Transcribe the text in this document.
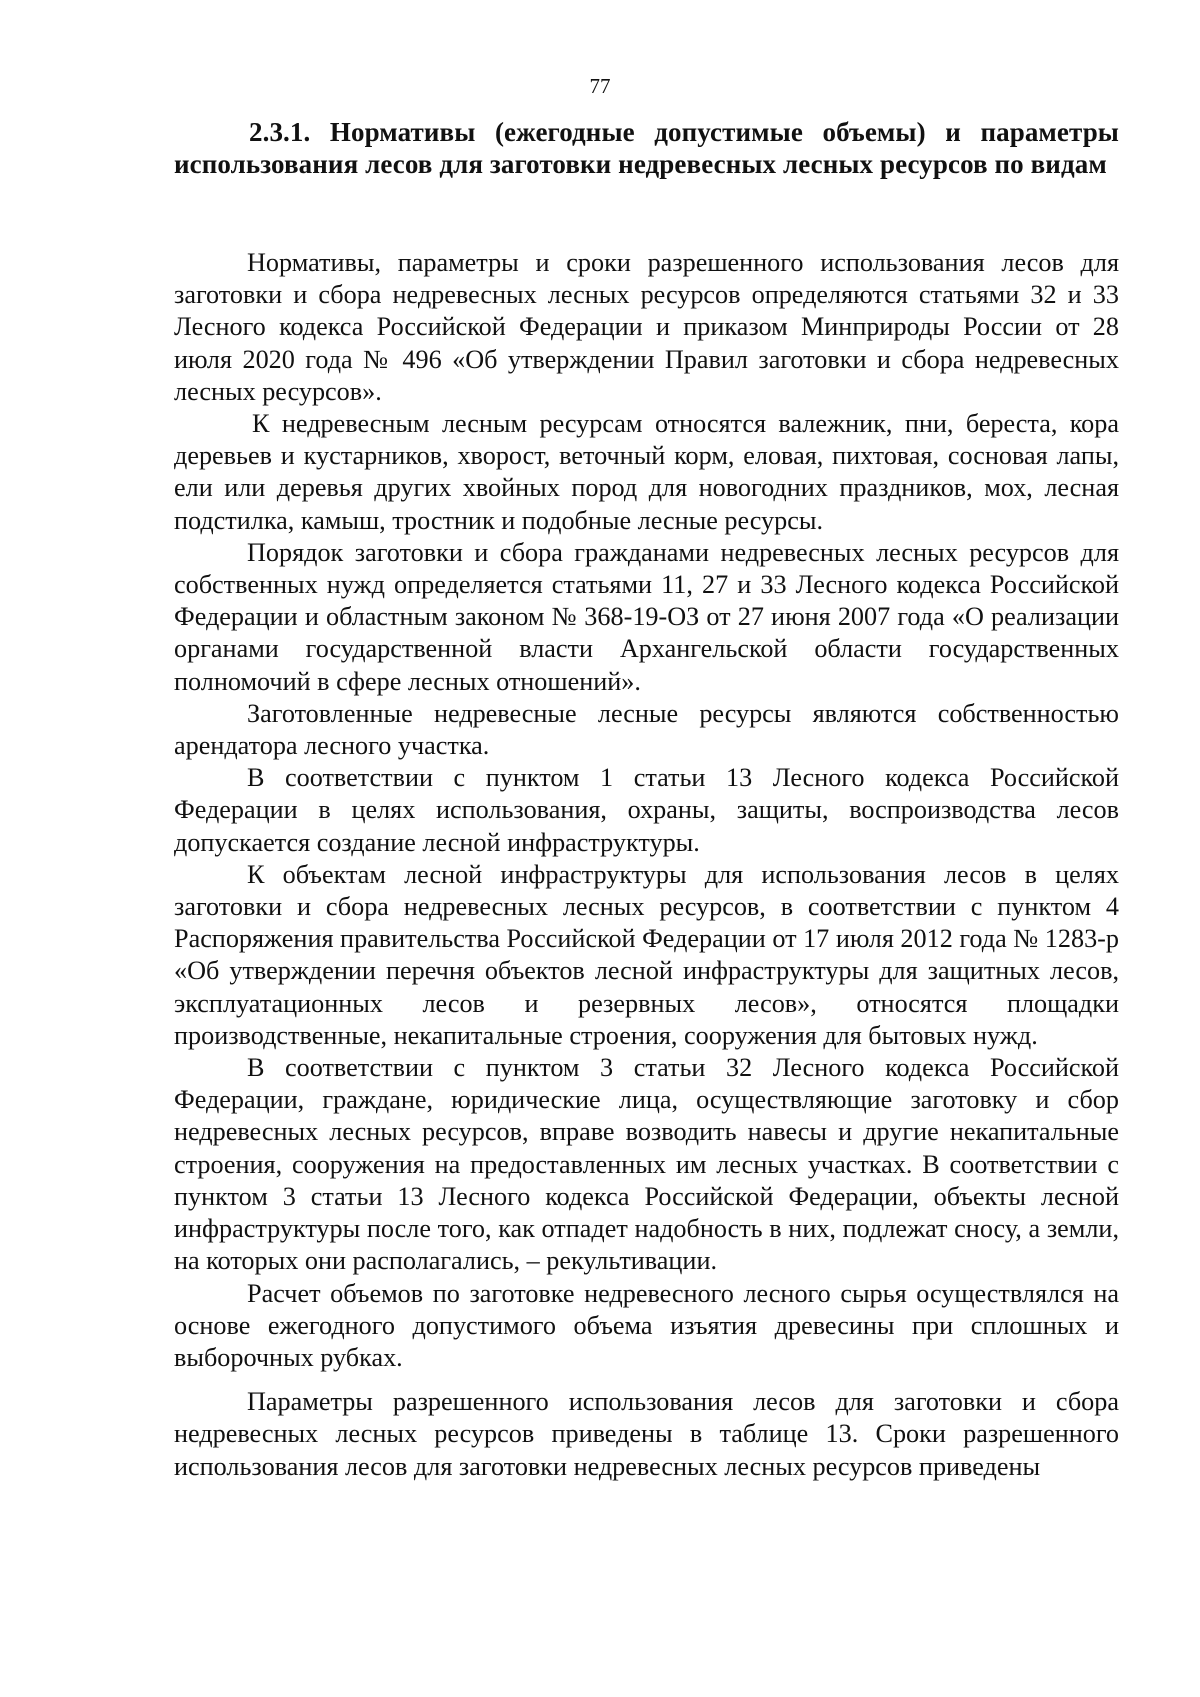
77
2.3.1. Нормативы (ежегодные допустимые объемы) и параметры использования лесов для заготовки недревесных лесных ресурсов по видам

Нормативы, параметры и сроки разрешенного использования лесов для заготовки и сбора недревесных лесных ресурсов определяются статьями 32 и 33 Лесного кодекса Российской Федерации и приказом Минприроды России от 28 июля 2020 года № 496 «Об утверждении Правил заготовки и сбора недревесных лесных ресурсов».

К недревесным лесным ресурсам относятся валежник, пни, береста, кора деревьев и кустарников, хворост, веточный корм, еловая, пихтовая, сосновая лапы, ели или деревья других хвойных пород для новогодних праздников, мох, лесная подстилка, камыш, тростник и подобные лесные ресурсы.

Порядок заготовки и сбора гражданами недревесных лесных ресурсов для собственных нужд определяется статьями 11, 27 и 33 Лесного кодекса Российской Федерации и областным законом № 368-19-ОЗ от 27 июня 2007 года «О реализации органами государственной власти Архангельской области государственных полномочий в сфере лесных отношений».

Заготовленные недревесные лесные ресурсы являются собственностью арендатора лесного участка.

В соответствии с пунктом 1 статьи 13 Лесного кодекса Российской Федерации в целях использования, охраны, защиты, воспроизводства лесов допускается создание лесной инфраструктуры.

К объектам лесной инфраструктуры для использования лесов в целях заготовки и сбора недревесных лесных ресурсов, в соответствии с пунктом 4 Распоряжения правительства Российской Федерации от 17 июля 2012 года № 1283-р «Об утверждении перечня объектов лесной инфраструктуры для защитных лесов, эксплуатационных лесов и резервных лесов», относятся площадки производственные, некапитальные строения, сооружения для бытовых нужд.

В соответствии с пунктом 3 статьи 32 Лесного кодекса Российской Федерации, граждане, юридические лица, осуществляющие заготовку и сбор недревесных лесных ресурсов, вправе возводить навесы и другие некапитальные строения, сооружения на предоставленных им лесных участках. В соответствии с пунктом 3 статьи 13 Лесного кодекса Российской Федерации, объекты лесной инфраструктуры после того, как отпадет надобность в них, подлежат сносу, а земли, на которых они располагались, – рекультивации.

Расчет объемов по заготовке недревесного лесного сырья осуществлялся на основе ежегодного допустимого объема изъятия древесины при сплошных и выборочных рубках.

Параметры разрешенного использования лесов для заготовки и сбора недревесных лесных ресурсов приведены в таблице 13. Сроки разрешенного использования лесов для заготовки недревесных лесных ресурсов приведены
